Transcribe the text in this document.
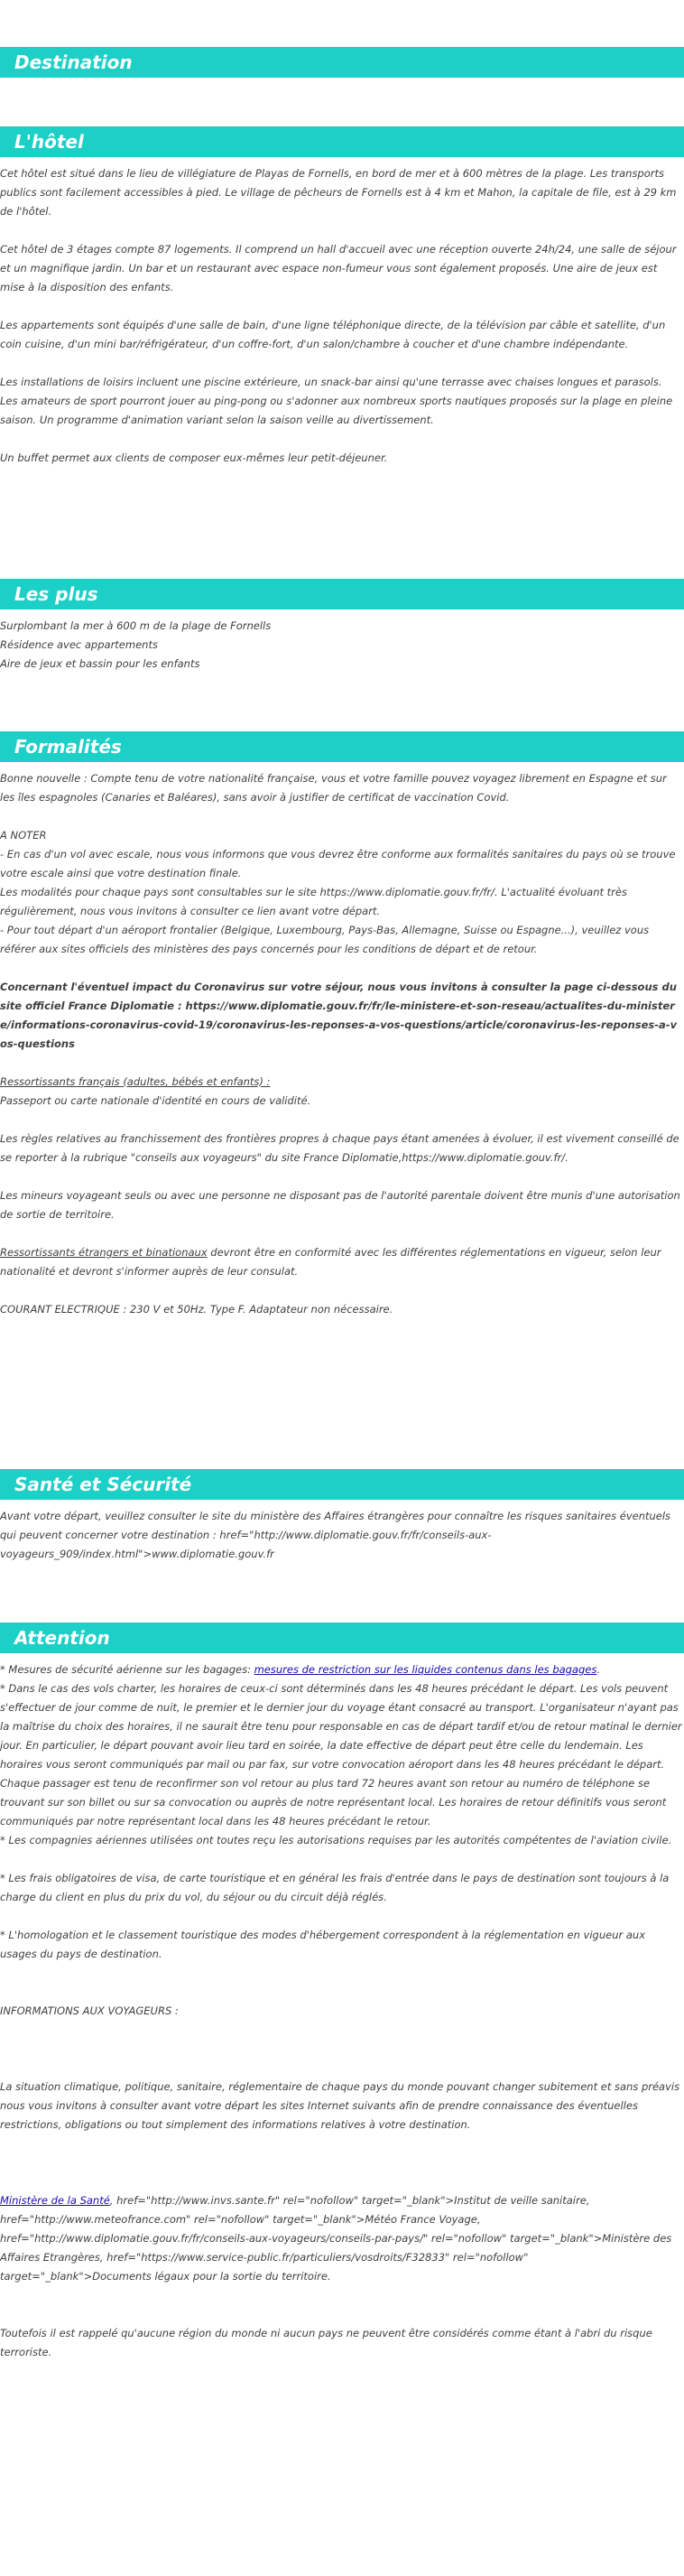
Destination
L'hôtel

Cet hôtel est situé dans le lieu de villégiature de Playas de Fornells, en bord de mer et à 600 mètres de la plage. Les transports publics sont facilement accessibles à pied. Le village de pêcheurs de Fornells est à 4 km et Mahon, la capitale de file, est à 29 km de l'hôtel.

Cet hôtel de 3 étages compte 87 logements. Il comprend un hall d'accueil avec une réception ouverte 24h/24, une salle de séjour et un magnifique jardin. Un bar et un restaurant avec espace non-fumeur vous sont également proposés. Une aire de jeux est mise à la disposition des enfants.

Les appartements sont équipés d'une salle de bain, d'une ligne téléphonique directe, de la télévision par câble et satellite, d'un coin cuisine, d'un mini bar/réfrigérateur, d'un coffre-fort, d'un salon/chambre à coucher et d'une chambre indépendante.

Les installations de loisirs incluent une piscine extérieure, un snack-bar ainsi qu'une terrasse avec chaises longues et parasols. Les amateurs de sport pourront jouer au ping-pong ou s'adonner aux nombreux sports nautiques proposés sur la plage en pleine saison. Un programme d'animation variant selon la saison veille au divertissement.

Un buffet permet aux clients de composer eux-mêmes leur petit-déjeuner.

Les plus

Surplombant la mer à 600 m de la plage de Fornells

Résidence avec appartements

Aire de jeux et bassin pour les enfants

Formalités

Bonne nouvelle : Compte tenu de votre nationalité française, vous et votre famille pouvez voyagez librement en Espagne et sur les îles espagnoles (Canaries et Baléares), sans avoir à justifier de certificat de vaccination Covid.

A NOTER

- En cas d'un vol avec escale, nous vous informons que vous devrez être conforme aux formalités sanitaires du pays où se trouve votre escale ainsi que votre destination finale.

Les modalités pour chaque pays sont consultables sur le site https://www.diplomatie.gouv.fr/fr/. L'actualité évoluant très régulièrement, nous vous invitons à consulter ce lien avant votre départ.

- Pour tout départ d'un aéroport frontalier (Belgique, Luxembourg, Pays-Bas, Allemagne, Suisse ou Espagne...), veuillez vous référer aux sites officiels des ministères des pays concernés pour les conditions de départ et de retour.

Concernant l'éventuel impact du Coronavirus sur votre séjour, nous vous invitons à consulter la page ci-dessous du site officiel France Diplomatie : https://www.diplomatie.gouv.fr/fr/le-ministere-et-son-reseau/actualites-du-ministere/informations-coronavirus-covid-19/coronavirus-les-reponses-a-vos-questions/article/coronavirus-les-reponses-a-vos-questions

Ressortissants français (adultes, bébés et enfants) :

Passeport ou carte nationale d'identité en cours de validité.

Les règles relatives au franchissement des frontières propres à chaque pays étant amenées à évoluer, il est vivement conseillé de se reporter à la rubrique "conseils aux voyageurs" du site France Diplomatie,https://www.diplomatie.gouv.fr/.

Les mineurs voyageant seuls ou avec une personne ne disposant pas de l'autorité parentale doivent être munis d'une autorisation de sortie de territoire.

Ressortissants étrangers et binationaux devront être en conformité avec les différentes réglementations en vigueur, selon leur nationalité et devront s'informer auprès de leur consulat.

COURANT ELECTRIQUE : 230 V et 50Hz. Type F. Adaptateur non nécessaire.

Santé et Sécurité

Avant votre départ, veuillez consulter le site du ministère des Affaires étrangères pour connaître les risques sanitaires éventuels qui peuvent concerner votre destination : href="http://www.diplomatie.gouv.fr/fr/conseils-aux-voyageurs_909/index.html">www.diplomatie.gouv.fr

Attention

* Mesures de sécurité aérienne sur les bagages: mesures de restriction sur les liquides contenus dans les bagages.

* Dans le cas des vols charter, les horaires de ceux-ci sont déterminés dans les 48 heures précédant le départ. Les vols peuvent s'effectuer de jour comme de nuit, le premier et le dernier jour du voyage étant consacré au transport. L'organisateur n'ayant pas la maîtrise du choix des horaires, il ne saurait être tenu pour responsable en cas de départ tardif et/ou de retour matinal le dernier jour. En particulier, le départ pouvant avoir lieu tard en soirée, la date effective de départ peut être celle du lendemain. Les horaires vous seront communiqués par mail ou par fax, sur votre convocation aéroport dans les 48 heures précédant le départ. Chaque passager est tenu de reconfirmer son vol retour au plus tard 72 heures avant son retour au numéro de téléphone se trouvant sur son billet ou sur sa convocation ou auprès de notre représentant local. Les horaires de retour définitifs vous seront communiqués par notre représentant local dans les 48 heures précédant le retour.

* Les compagnies aériennes utilisées ont toutes reçu les autorisations requises par les autorités compétentes de l'aviation civile.

* Les frais obligatoires de visa, de carte touristique et en général les frais d'entrée dans le pays de destination sont toujours à la charge du client en plus du prix du vol, du séjour ou du circuit déjà réglés.

* L'homologation et le classement touristique des modes d'hébergement correspondent à la réglementation en vigueur aux usages du pays de destination.

INFORMATIONS AUX VOYAGEURS :

La situation climatique, politique, sanitaire, réglementaire de chaque pays du monde pouvant changer subitement et sans préavis
nous vous invitons à consulter avant votre départ les sites Internet suivants afin de prendre connaissance des éventuelles restrictions, obligations ou tout simplement des informations relatives à votre destination.

Ministère de la Santé, href="http://www.invs.sante.fr" rel="nofollow" target="_blank">Institut de veille sanitaire, href="http://www.meteofrance.com" rel="nofollow" target="_blank">Météo France Voyage, href="http://www.diplomatie.gouv.fr/fr/conseils-aux-voyageurs/conseils-par-pays/" rel="nofollow" target="_blank">Ministère des Affaires Etrangères, href="https://www.service-public.fr/particuliers/vosdroits/F32833" rel="nofollow" target="_blank">Documents légaux pour la sortie du territoire.

Toutefois il est rappelé qu'aucune région du monde ni aucun pays ne peuvent être considérés comme étant à l'abri du risque terroriste.
